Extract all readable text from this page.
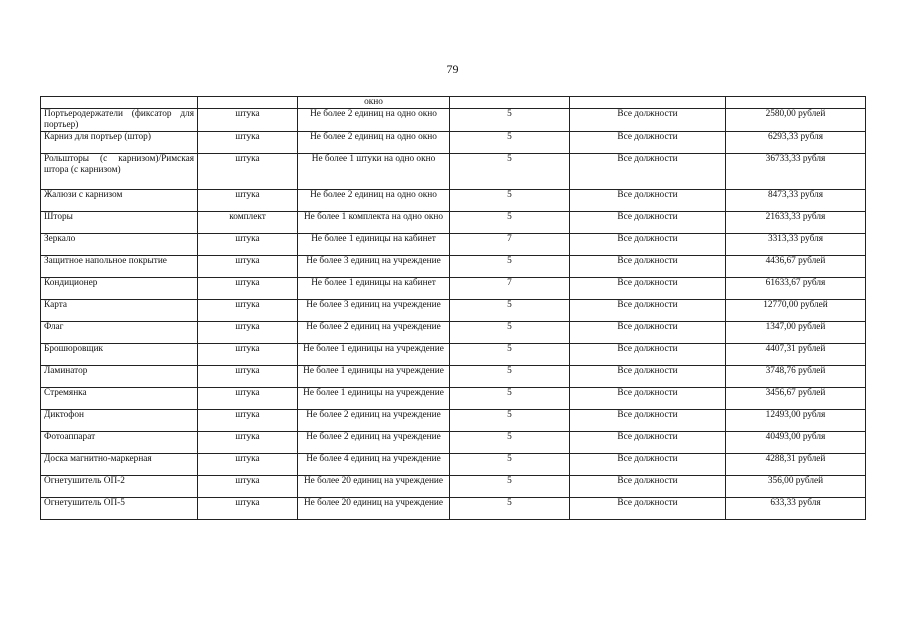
79
		окно			
Портьеродержатели (фиксатор для портьер)	штука	Не более 2 единиц на одно окно	5	Все должности	2580,00 рублей
Карниз для портьер (штор)	штука	Не более 2 единиц на одно окно	5	Все должности	6293,33 рубля
Рольшторы (с карнизом)/Римская штора (с карнизом)	штука	Не более 1 штуки на одно окно	5	Все должности	36733,33 рубля
Жалюзи с карнизом	штука	Не более 2 единиц на одно окно	5	Все должности	8473,33 рубля
Шторы	комплект	Не более 1 комплекта на одно окно	5	Все должности	21633,33 рубля
Зеркало	штука	Не более 1 единицы на кабинет	7	Все должности	3313,33 рубля
Защитное напольное покрытие	штука	Не более 3 единиц на учреждение	5	Все должности	4436,67 рублей
Кондиционер	штука	Не более 1 единицы на кабинет	7	Все должности	61633,67 рубля
Карта	штука	Не более 3 единиц на учреждение	5	Все должности	12770,00 рублей
Флаг	штука	Не более 2 единиц на учреждение	5	Все должности	1347,00 рублей
Брошюровщик	штука	Не более 1 единицы на учреждение	5	Все должности	4407,31 рублей
Ламинатор	штука	Не более 1 единицы на учреждение	5	Все должности	3748,76 рублей
Стремянка	штука	Не более 1 единицы на учреждение	5	Все должности	3456,67 рублей
Диктофон	штука	Не более 2 единиц на учреждение	5	Все должности	12493,00 рубля
Фотоаппарат	штука	Не более 2 единиц на учреждение	5	Все должности	40493,00 рубля
Доска магнитно-маркерная	штука	Не более 4 единиц на учреждение	5	Все должности	4288,31 рублей
Огнетушитель ОП-2	штука	Не более 20 единиц на учреждение	5	Все должности	356,00 рублей
Огнетушитель ОП-5	штука	Не более 20 единиц на учреждение	5	Все должности	633,33 рубля
